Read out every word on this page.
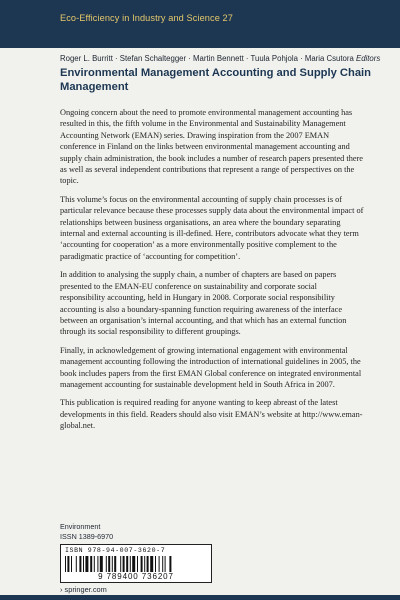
Eco-Efficiency in Industry and Science 27
Roger L. Burritt · Stefan Schaltegger · Martin Bennett · Tuula Pohjola · Maria Csutora Editors
Environmental Management Accounting and Supply Chain Management

Ongoing concern about the need to promote environmental management accounting has resulted in this, the fifth volume in the Environmental and Sustainability Management Accounting Network (EMAN) series. Drawing inspiration from the 2007 EMAN conference in Finland on the links between environmental management accounting and supply chain administration, the book includes a number of research papers presented there as well as several independent contributions that represent a range of perspectives on the topic.

This volume’s focus on the environmental accounting of supply chain processes is of particular relevance because these processes supply data about the environmental impact of relationships between business organisations, an area where the boundary separating internal and external accounting is ill-defined. Here, contributors advocate what they term ‘accounting for cooperation’ as a more environmentally positive complement to the paradigmatic practice of ‘accounting for competition’.

In addition to analysing the supply chain, a number of chapters are based on papers presented to the EMAN-EU conference on sustainability and corporate social responsibility accounting, held in Hungary in 2008. Corporate social responsibility accounting is also a boundary-spanning function requiring awareness of the interface between an organisation’s internal accounting, and that which has an external function through its social responsibility to different groupings.

Finally, in acknowledgement of growing international engagement with environmental management accounting following the introduction of international guidelines in 2005, the book includes papers from the first EMAN Global conference on integrated environmental management accounting for sustainable development held in South Africa in 2007.

This publication is required reading for anyone wanting to keep abreast of the latest developments in this field. Readers should also visit EMAN’s website at http://www.eman-global.net.

Environment
ISSN 1389-6970
ISBN 978-94-007-3620-7
9 789400 736207
› springer.com
